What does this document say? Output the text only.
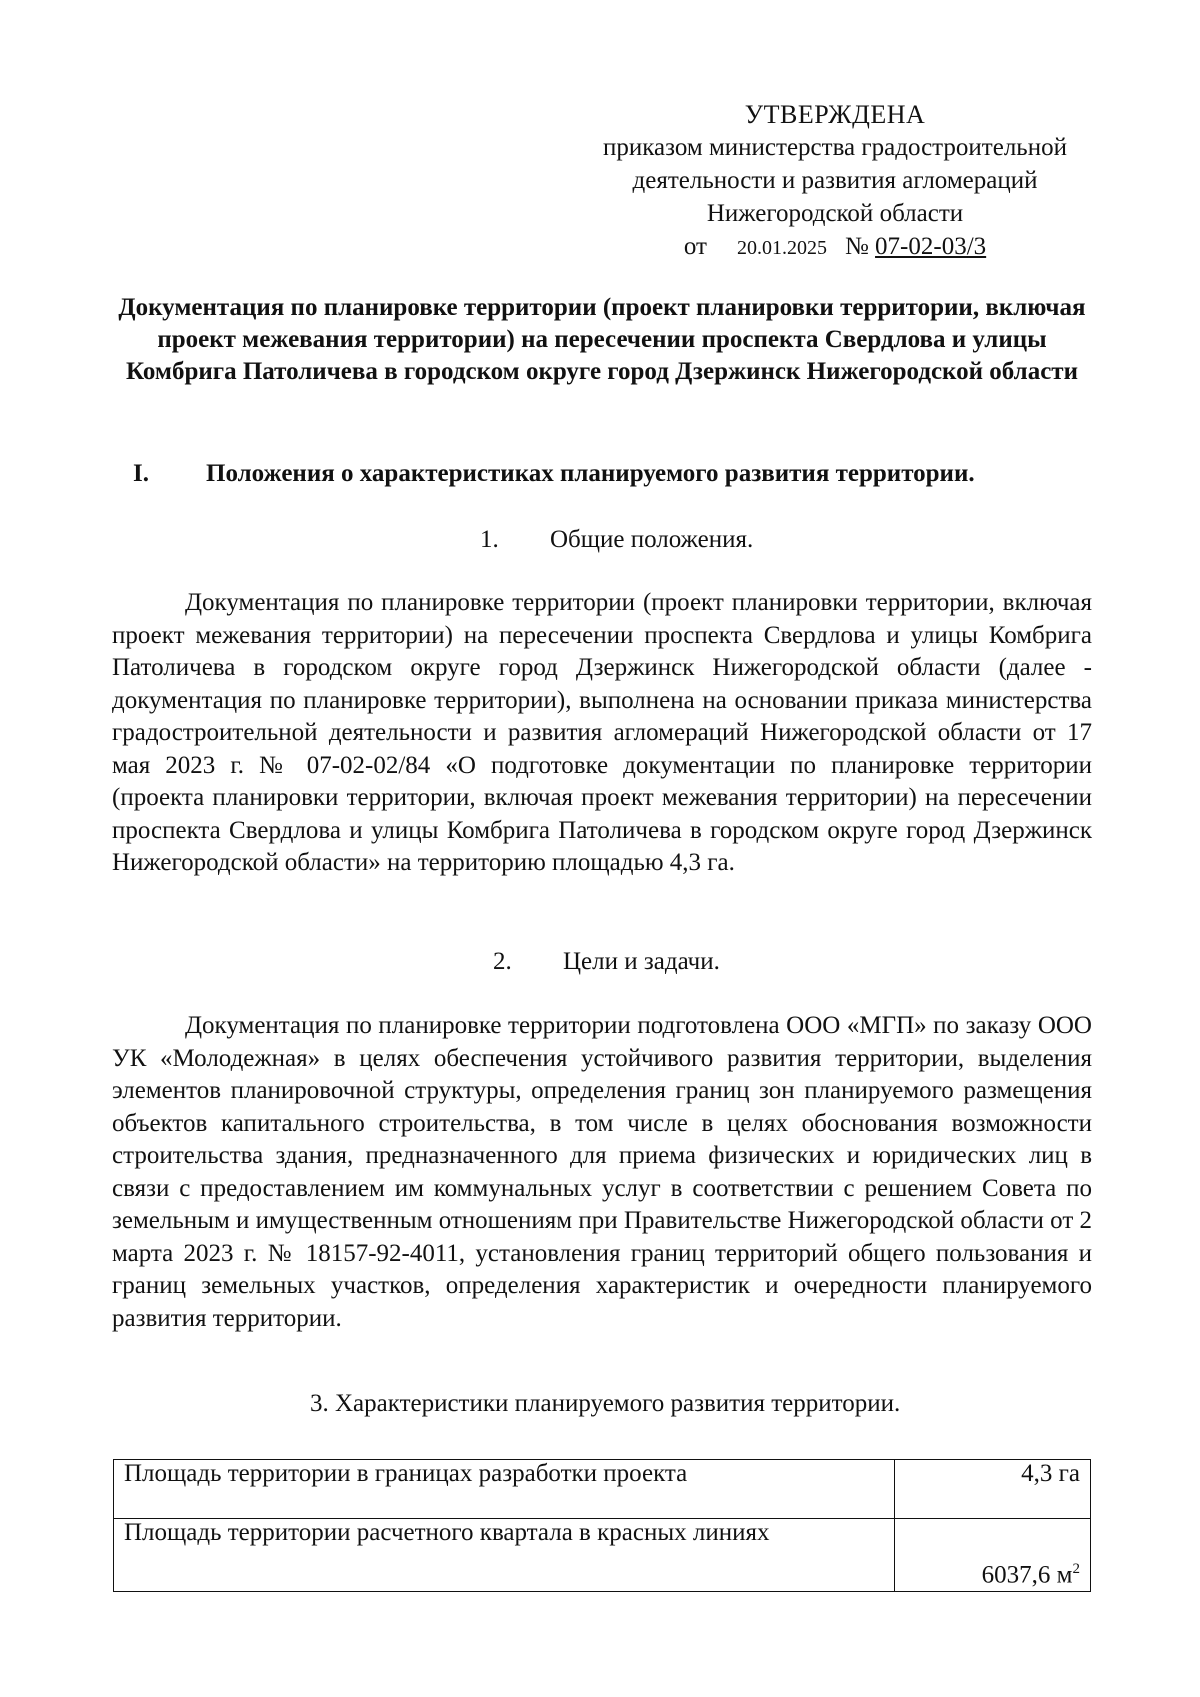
УТВЕРЖДЕНА
приказом министерства градостроительной
деятельности и развития агломераций
Нижегородской области
от 20.01.2025 № 07-02-03/3
Документация по планировке территории (проект планировки территории, включая проект межевания территории) на пересечении проспекта Свердлова и улицы Комбрига Патоличева в городском округе город Дзержинск Нижегородской области
I. Положения о характеристиках планируемого развития территории.
1. Общие положения.

Документация по планировке территории (проект планировки территории, включая проект межевания территории) на пересечении проспекта Свердлова и улицы Комбрига Патоличева в городском округе город Дзержинск Нижегородской области (далее - документация по планировке территории), выполнена на основании приказа министерства градостроительной деятельности и развития агломераций Нижегородской области от 17 мая 2023 г. № 07-02-02/84 «О подготовке документации по планировке территории (проекта планировки территории, включая проект межевания территории) на пересечении проспекта Свердлова и улицы Комбрига Патоличева в городском округе город Дзержинск Нижегородской области» на территорию площадью 4,3 га.

2. Цели и задачи.

Документация по планировке территории подготовлена ООО «МГП» по заказу ООО УК «Молодежная» в целях обеспечения устойчивого развития территории, выделения элементов планировочной структуры, определения границ зон планируемого размещения объектов капитального строительства, в том числе в целях обоснования возможности строительства здания, предназначенного для приема физических и юридических лиц в связи с предоставлением им коммунальных услуг в соответствии с решением Совета по земельным и имущественным отношениям при Правительстве Нижегородской области от 2 марта 2023 г. № 18157-92-4011, установления границ территорий общего пользования и границ земельных участков, определения характеристик и очередности планируемого развития территории.

3. Характеристики планируемого развития территории.
Площадь территории в границах разработки проекта	4,3 га
Площадь территории расчетного квартала в красных линиях	6037,6 $м^2$
